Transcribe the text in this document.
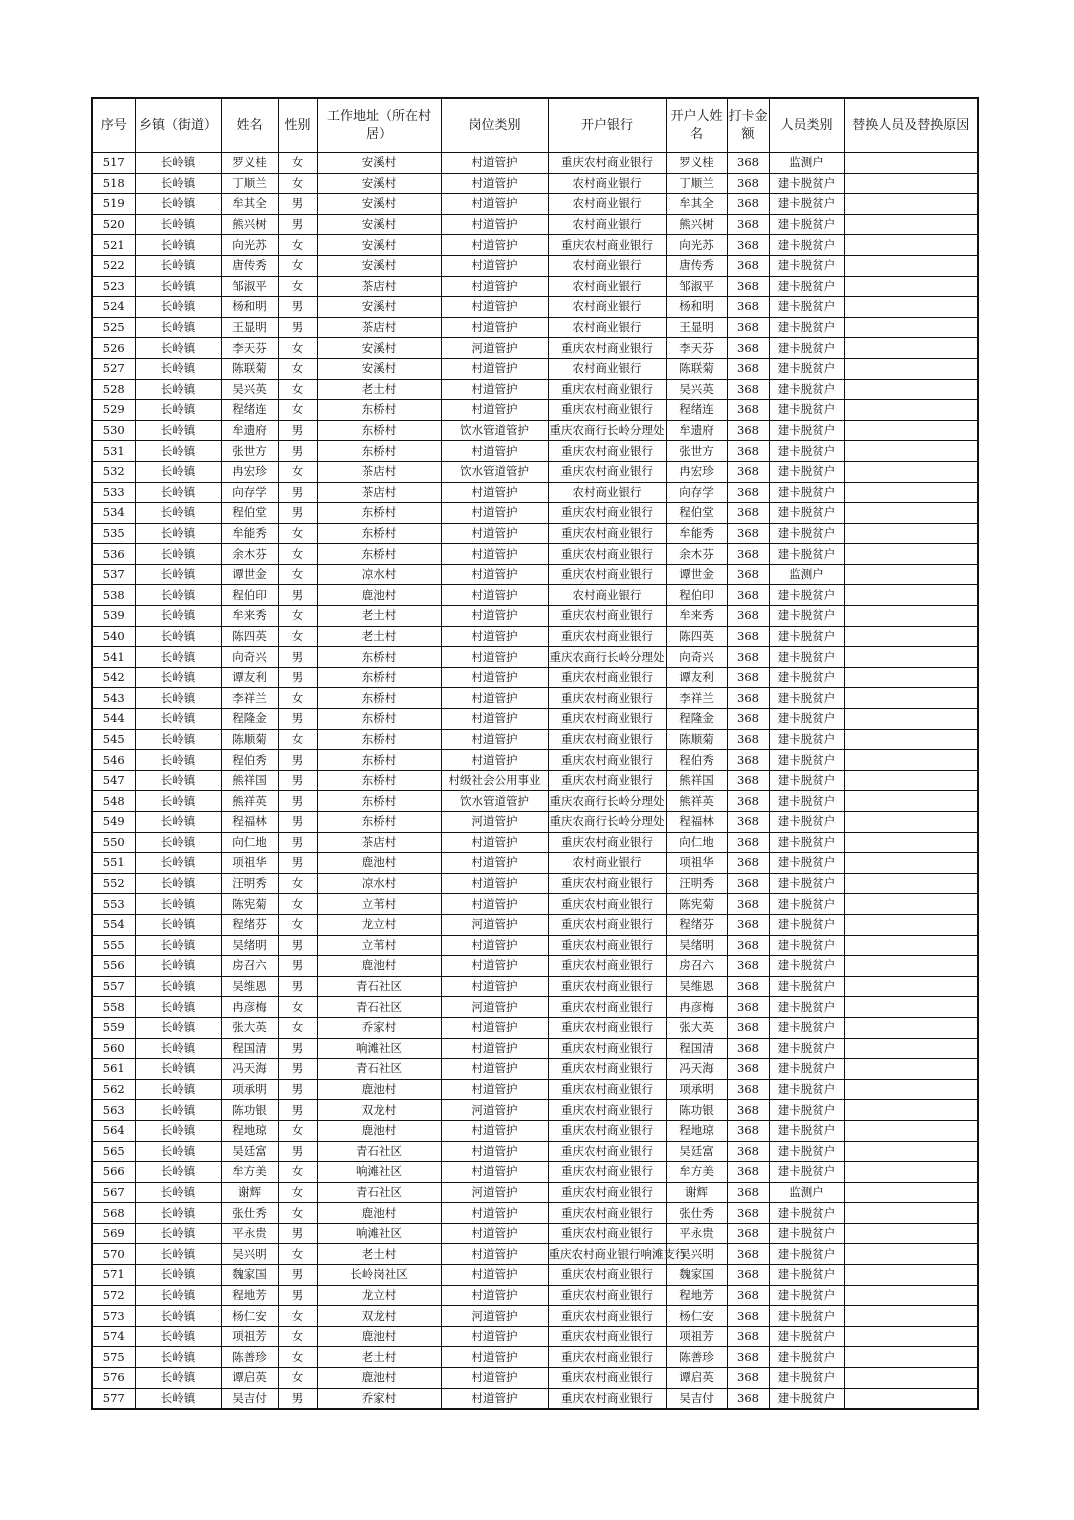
序号	乡镇（街道）	姓名	性别	工作地址（所在村居）	岗位类别	开户银行	开户人姓名	打卡金额	人员类别	替换人员及替换原因
517	长岭镇	罗义桂	女	安溪村	村道管护	重庆农村商业银行	罗义桂	368	监测户	
518	长岭镇	丁顺兰	女	安溪村	村道管护	农村商业银行	丁顺兰	368	建卡脱贫户	
519	长岭镇	牟其全	男	安溪村	村道管护	农村商业银行	牟其全	368	建卡脱贫户	
520	长岭镇	熊兴树	男	安溪村	村道管护	农村商业银行	熊兴树	368	建卡脱贫户	
521	长岭镇	向光苏	女	安溪村	村道管护	重庆农村商业银行	向光苏	368	建卡脱贫户	
522	长岭镇	唐传秀	女	安溪村	村道管护	农村商业银行	唐传秀	368	建卡脱贫户	
523	长岭镇	邹淑平	女	茶店村	村道管护	农村商业银行	邹淑平	368	建卡脱贫户	
524	长岭镇	杨和明	男	安溪村	村道管护	农村商业银行	杨和明	368	建卡脱贫户	
525	长岭镇	王显明	男	茶店村	村道管护	农村商业银行	王显明	368	建卡脱贫户	
526	长岭镇	李天芬	女	安溪村	河道管护	重庆农村商业银行	李天芬	368	建卡脱贫户	
527	长岭镇	陈联菊	女	安溪村	村道管护	农村商业银行	陈联菊	368	建卡脱贫户	
528	长岭镇	吴兴英	女	老土村	村道管护	重庆农村商业银行	吴兴英	368	建卡脱贫户	
529	长岭镇	程绪连	女	东桥村	村道管护	重庆农村商业银行	程绪连	368	建卡脱贫户	
530	长岭镇	牟遗府	男	东桥村	饮水管道管护	重庆农商行长岭分理处	牟遗府	368	建卡脱贫户	
531	长岭镇	张世方	男	东桥村	村道管护	重庆农村商业银行	张世方	368	建卡脱贫户	
532	长岭镇	冉宏珍	女	茶店村	饮水管道管护	重庆农村商业银行	冉宏珍	368	建卡脱贫户	
533	长岭镇	向存学	男	茶店村	村道管护	农村商业银行	向存学	368	建卡脱贫户	
534	长岭镇	程伯堂	男	东桥村	村道管护	重庆农村商业银行	程伯堂	368	建卡脱贫户	
535	长岭镇	牟能秀	女	东桥村	村道管护	重庆农村商业银行	牟能秀	368	建卡脱贫户	
536	长岭镇	余木芬	女	东桥村	村道管护	重庆农村商业银行	余木芬	368	建卡脱贫户	
537	长岭镇	谭世金	女	凉水村	村道管护	重庆农村商业银行	谭世金	368	监测户	
538	长岭镇	程伯印	男	鹿池村	村道管护	农村商业银行	程伯印	368	建卡脱贫户	
539	长岭镇	牟来秀	女	老土村	村道管护	重庆农村商业银行	牟来秀	368	建卡脱贫户	
540	长岭镇	陈四英	女	老土村	村道管护	重庆农村商业银行	陈四英	368	建卡脱贫户	
541	长岭镇	向奇兴	男	东桥村	村道管护	重庆农商行长岭分理处	向奇兴	368	建卡脱贫户	
542	长岭镇	谭友利	男	东桥村	村道管护	重庆农村商业银行	谭友利	368	建卡脱贫户	
543	长岭镇	李祥兰	女	东桥村	村道管护	重庆农村商业银行	李祥兰	368	建卡脱贫户	
544	长岭镇	程隆金	男	东桥村	村道管护	重庆农村商业银行	程隆金	368	建卡脱贫户	
545	长岭镇	陈顺菊	女	东桥村	村道管护	重庆农村商业银行	陈顺菊	368	建卡脱贫户	
546	长岭镇	程伯秀	男	东桥村	村道管护	重庆农村商业银行	程伯秀	368	建卡脱贫户	
547	长岭镇	熊祥国	男	东桥村	村级社会公用事业	重庆农村商业银行	熊祥国	368	建卡脱贫户	
548	长岭镇	熊祥英	男	东桥村	饮水管道管护	重庆农商行长岭分理处	熊祥英	368	建卡脱贫户	
549	长岭镇	程福林	男	东桥村	河道管护	重庆农商行长岭分理处	程福林	368	建卡脱贫户	
550	长岭镇	向仁地	男	茶店村	村道管护	重庆农村商业银行	向仁地	368	建卡脱贫户	
551	长岭镇	项祖华	男	鹿池村	村道管护	农村商业银行	项祖华	368	建卡脱贫户	
552	长岭镇	汪明秀	女	凉水村	村道管护	重庆农村商业银行	汪明秀	368	建卡脱贫户	
553	长岭镇	陈宪菊	女	立苇村	村道管护	重庆农村商业银行	陈宪菊	368	建卡脱贫户	
554	长岭镇	程绪芬	女	龙立村	河道管护	重庆农村商业银行	程绪芬	368	建卡脱贫户	
555	长岭镇	吴绪明	男	立苇村	村道管护	重庆农村商业银行	吴绪明	368	建卡脱贫户	
556	长岭镇	房召六	男	鹿池村	村道管护	重庆农村商业银行	房召六	368	建卡脱贫户	
557	长岭镇	吴维恩	男	青石社区	村道管护	重庆农村商业银行	吴维恩	368	建卡脱贫户	
558	长岭镇	冉彦梅	女	青石社区	河道管护	重庆农村商业银行	冉彦梅	368	建卡脱贫户	
559	长岭镇	张大英	女	乔家村	村道管护	重庆农村商业银行	张大英	368	建卡脱贫户	
560	长岭镇	程国清	男	响滩社区	村道管护	重庆农村商业银行	程国清	368	建卡脱贫户	
561	长岭镇	冯天海	男	青石社区	村道管护	重庆农村商业银行	冯天海	368	建卡脱贫户	
562	长岭镇	项承明	男	鹿池村	村道管护	重庆农村商业银行	项承明	368	建卡脱贫户	
563	长岭镇	陈功银	男	双龙村	河道管护	重庆农村商业银行	陈功银	368	建卡脱贫户	
564	长岭镇	程地琼	女	鹿池村	村道管护	重庆农村商业银行	程地琼	368	建卡脱贫户	
565	长岭镇	吴廷富	男	青石社区	村道管护	重庆农村商业银行	吴廷富	368	建卡脱贫户	
566	长岭镇	牟方美	女	响滩社区	村道管护	重庆农村商业银行	牟方美	368	建卡脱贫户	
567	长岭镇	谢辉	女	青石社区	河道管护	重庆农村商业银行	谢辉	368	监测户	
568	长岭镇	张仕秀	女	鹿池村	村道管护	重庆农村商业银行	张仕秀	368	建卡脱贫户	
569	长岭镇	平永贵	男	响滩社区	村道管护	重庆农村商业银行	平永贵	368	建卡脱贫户	
570	长岭镇	吴兴明	女	老土村	村道管护	重庆农村商业银行响滩支行	吴兴明	368	建卡脱贫户	
571	长岭镇	魏家国	男	长岭岗社区	村道管护	重庆农村商业银行	魏家国	368	建卡脱贫户	
572	长岭镇	程地芳	男	龙立村	村道管护	重庆农村商业银行	程地芳	368	建卡脱贫户	
573	长岭镇	杨仁安	女	双龙村	河道管护	重庆农村商业银行	杨仁安	368	建卡脱贫户	
574	长岭镇	项祖芳	女	鹿池村	村道管护	重庆农村商业银行	项祖芳	368	建卡脱贫户	
575	长岭镇	陈善珍	女	老土村	村道管护	重庆农村商业银行	陈善珍	368	建卡脱贫户	
576	长岭镇	谭启英	女	鹿池村	村道管护	重庆农村商业银行	谭启英	368	建卡脱贫户	
577	长岭镇	吴吉付	男	乔家村	村道管护	重庆农村商业银行	吴吉付	368	建卡脱贫户	
